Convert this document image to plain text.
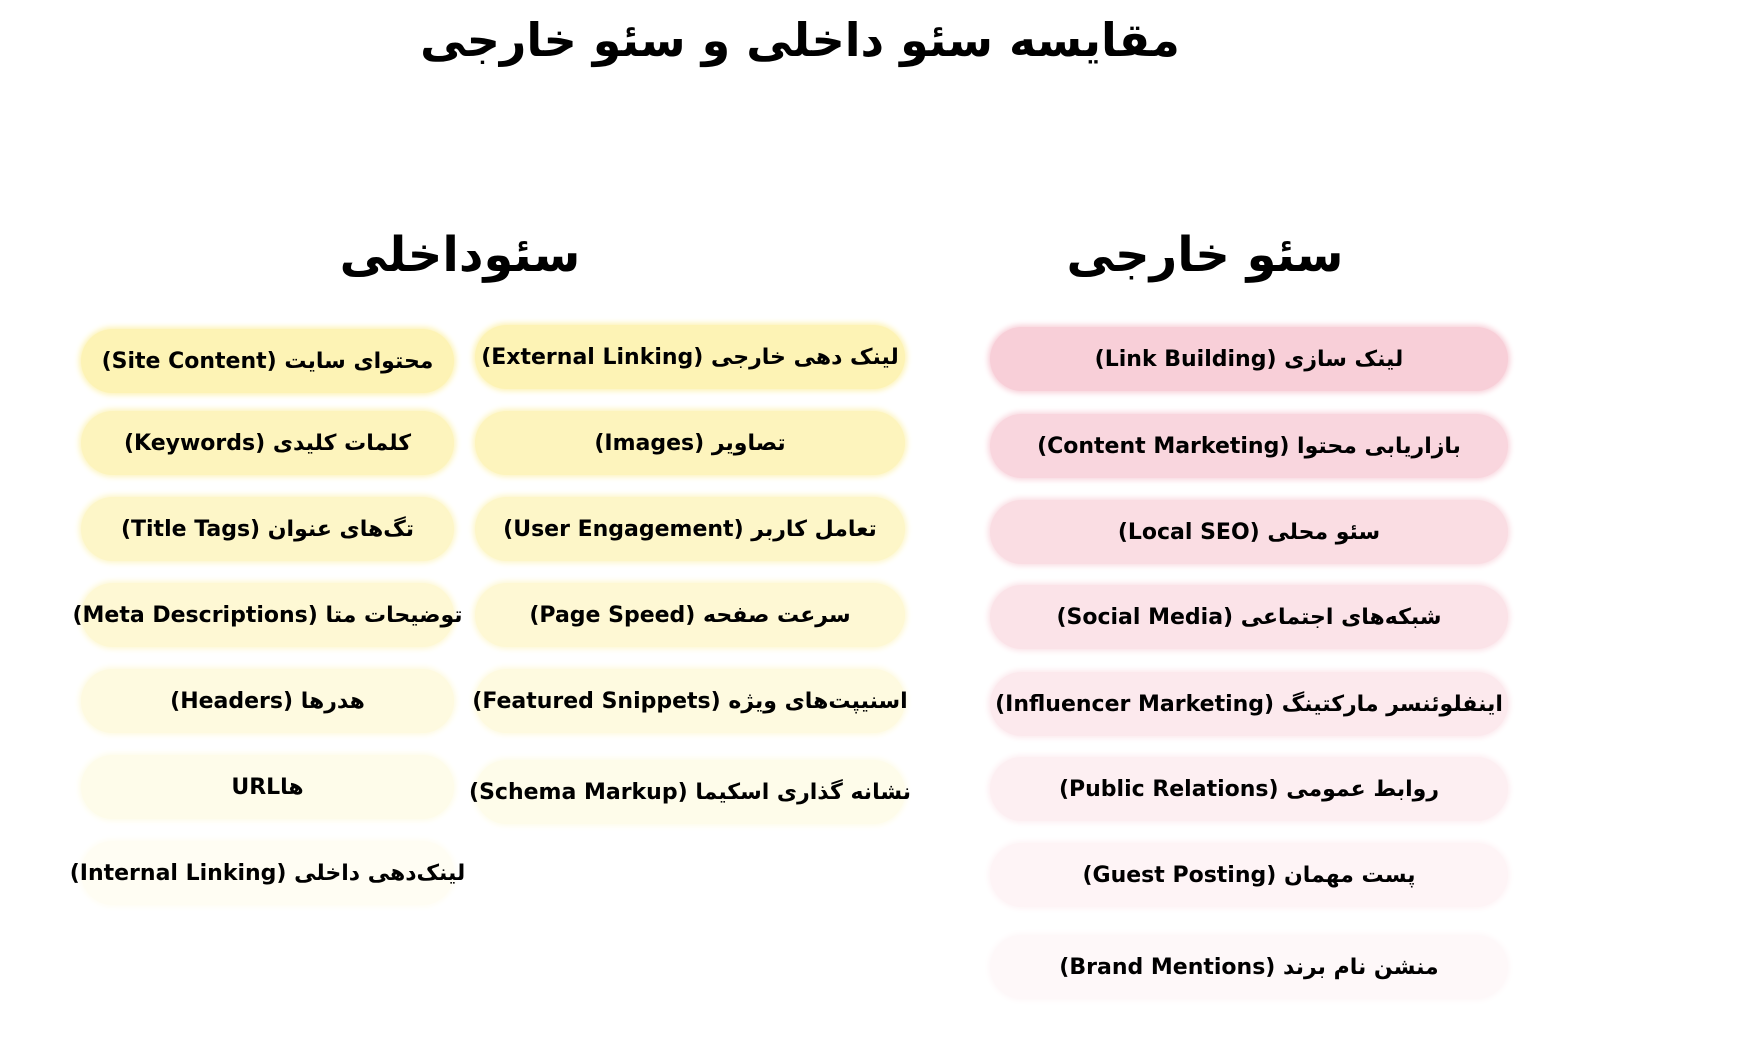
مقایسه سئو داخلی و سئو خارجی
سئوداخلی	سئو خارجی
(External Linking) لینک دهی خارجی
(Images) تصاویر
(User Engagement) تعامل کاربر
(Page Speed) سرعت صفحه
(Featured Snippets) اسنیپت‌های ویژه
(Schema Markup) نشانه گذاری اسکیما
(Site Content) محتوای سایت
(Keywords) کلمات کلیدی
(Title Tags) تگ‌های عنوان
(Meta Descriptions) توضیحات متا
(Headers) هدرها
URLها
(Internal Linking) لینک‌دهی داخلی
(Link Building) لینک سازی
(Content Marketing) بازاریابی محتوا
(Local SEO) سئو محلی
(Social Media) شبکه‌های اجتماعی
(Influencer Marketing) اینفلوئنسر مارکتینگ
(Public Relations) روابط عمومی
(Guest Posting) پست مهمان
(Brand Mentions) منشن نام برند
